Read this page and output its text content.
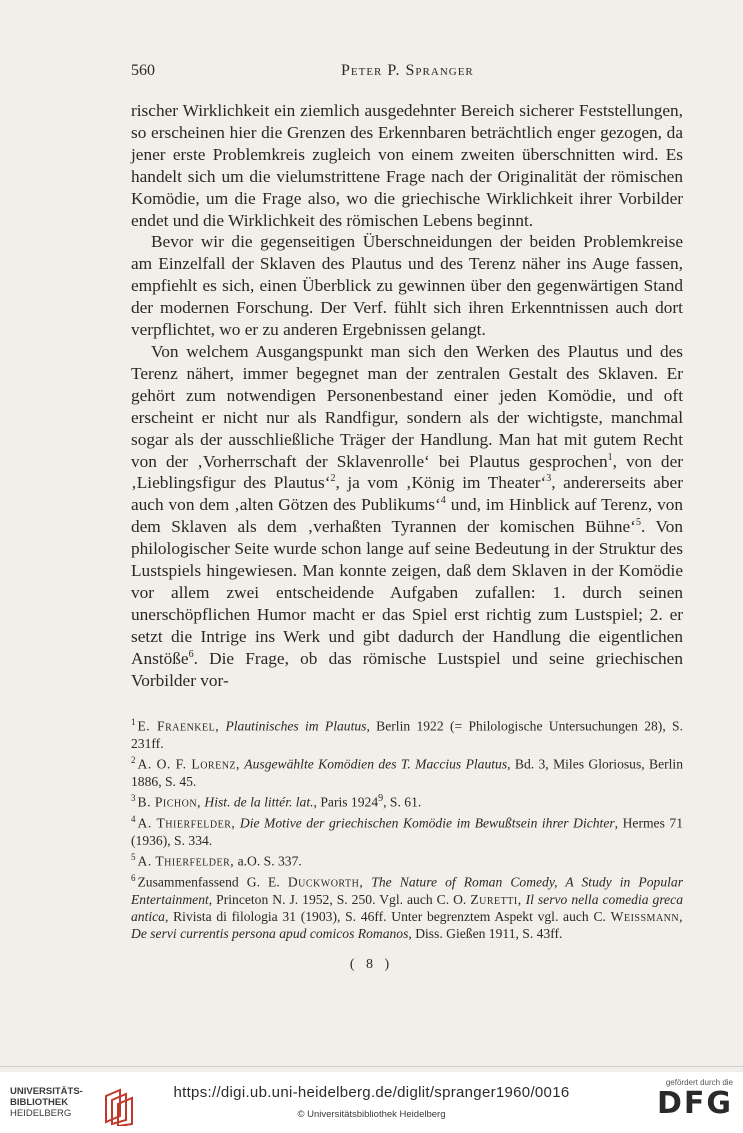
560	Peter P. Spranger

rischer Wirklichkeit ein ziemlich ausgedehnter Bereich sicherer Feststellungen, so erscheinen hier die Grenzen des Erkennbaren beträchtlich enger gezogen, da jener erste Problemkreis zugleich von einem zweiten überschnitten wird. Es handelt sich um die vielumstrittene Frage nach der Originalität der römischen Komödie, um die Frage also, wo die griechische Wirklichkeit ihrer Vorbilder endet und die Wirklichkeit des römischen Lebens beginnt.

Bevor wir die gegenseitigen Überschneidungen der beiden Problemkreise am Einzelfall der Sklaven des Plautus und des Terenz näher ins Auge fassen, empfiehlt es sich, einen Überblick zu gewinnen über den gegenwärtigen Stand der modernen Forschung. Der Verf. fühlt sich ihren Erkenntnissen auch dort verpflichtet, wo er zu anderen Ergebnissen gelangt.

Von welchem Ausgangspunkt man sich den Werken des Plautus und des Terenz nähert, immer begegnet man der zentralen Gestalt des Sklaven. Er gehört zum notwendigen Personenbestand einer jeden Komödie, und oft erscheint er nicht nur als Randfigur, sondern als der wichtigste, manchmal sogar als der ausschließliche Träger der Handlung. Man hat mit gutem Recht von der ‚Vorherrschaft der Sklavenrolle‘ bei Plautus gesprochen$^1$, von der ‚Lieblingsfigur des Plautus‘$^2$, ja vom ‚König im Theater‘$^3$, andererseits aber auch von dem ‚alten Götzen des Publikums‘$^4$ und, im Hinblick auf Terenz, von dem Sklaven als dem ‚verhaßten Tyrannen der komischen Bühne‘$^5$. Von philologischer Seite wurde schon lange auf seine Bedeutung in der Struktur des Lustspiels hingewiesen. Man konnte zeigen, daß dem Sklaven in der Komödie vor allem zwei entscheidende Aufgaben zufallen: 1. durch seinen unerschöpflichen Humor macht er das Spiel erst richtig zum Lustspiel; 2. er setzt die Intrige ins Werk und gibt dadurch der Handlung die eigentlichen Anstöße$^6$. Die Frage, ob das römische Lustspiel und seine griechischen Vorbilder vor-

$^1$ E. Fraenkel, Plautinisches im Plautus, Berlin 1922 (= Philologische Untersuchungen 28), S. 231ff.

$^2$ A. O. F. Lorenz, Ausgewählte Komödien des T. Maccius Plautus, Bd. 3, Miles Gloriosus, Berlin 1886, S. 45.

$^3$ B. Pichon, Hist. de la littér. lat., Paris 1924$^9$, S. 61.

$^4$ A. Thierfelder, Die Motive der griechischen Komödie im Bewußtsein ihrer Dichter, Hermes 71 (1936), S. 334.

$^5$ A. Thierfelder, a.O. S. 337.

$^6$ Zusammenfassend G. E. Duckworth, The Nature of Roman Comedy, A Study in Popular Entertainment, Princeton N. J. 1952, S. 250. Vgl. auch C. O. Zuretti, Il servo nella comedia greca antica, Rivista di filologia 31 (1903), S. 46ff. Unter begrenztem Aspekt vgl. auch C. Weissmann, De servi currentis persona apud comicos Romanos, Diss. Gießen 1911, S. 43ff.

( 8 )
UNIVERSITÄTS-
BIBLIOTHEK
HEIDELBERG
https://digi.ub.uni-heidelberg.de/diglit/spranger1960/0016
© Universitätsbibliothek Heidelberg
gefördert durch die
DFG
